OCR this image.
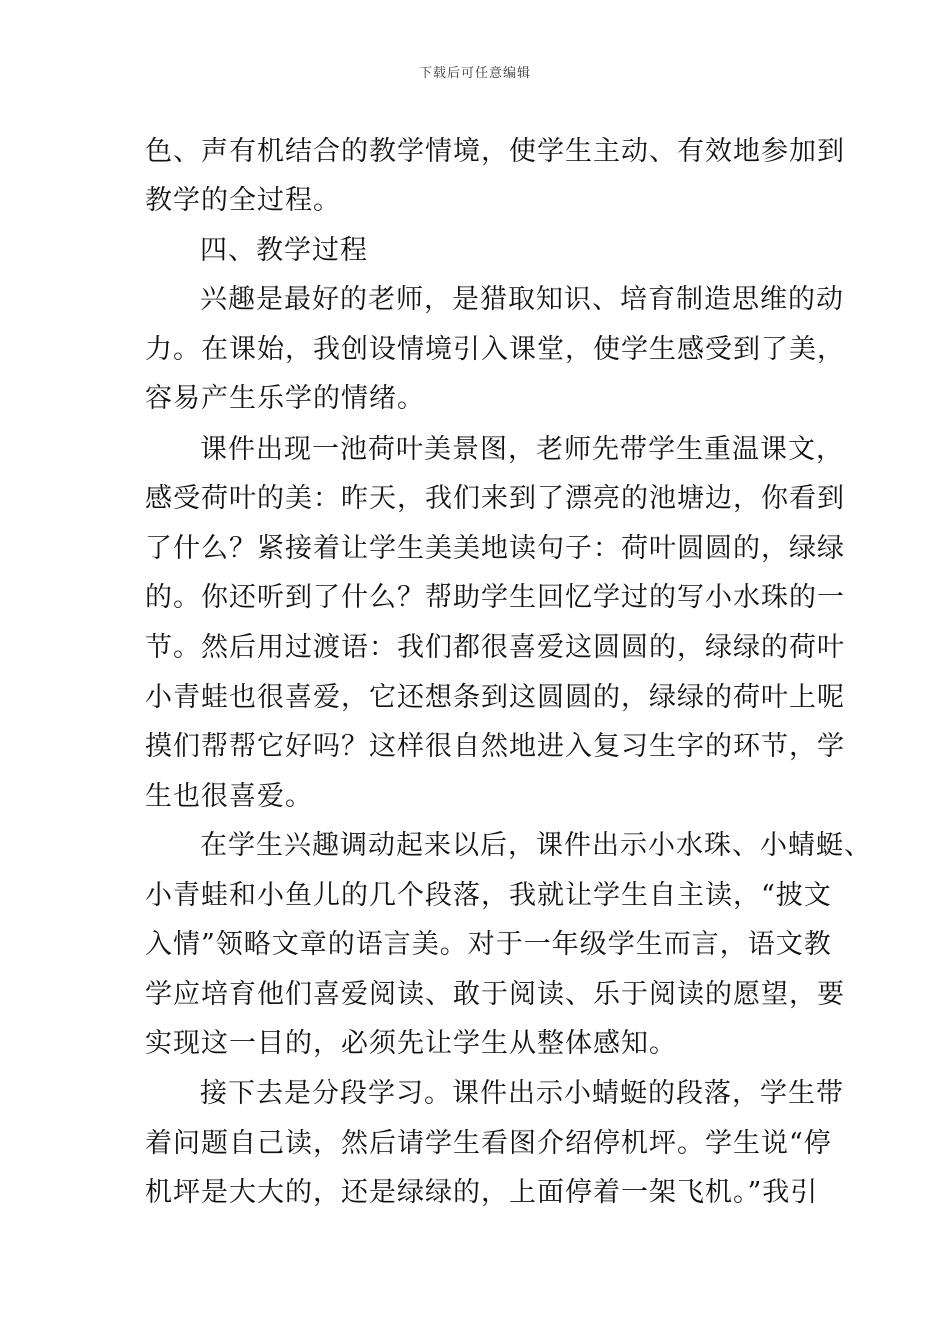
下载后可任意编辑
色、声有机结合的教学情境，使学生主动、有效地参加到
教学的全过程。
四、教学过程
兴趣是最好的老师，是猎取知识、培育制造思维的动
力。在课始，我创设情境引入课堂，使学生感受到了美，
容易产生乐学的情绪。
课件出现一池荷叶美景图，老师先带学生重温课文，
感受荷叶的美：昨天，我们来到了漂亮的池塘边，你看到
了什么？紧接着让学生美美地读句子：荷叶圆圆的，绿绿
的。你还听到了什么？帮助学生回忆学过的写小水珠的一
节。然后用过渡语：我们都很喜爱这圆圆的，绿绿的荷叶
小青蛙也很喜爱，它还想条到这圆圆的，绿绿的荷叶上呢
摸们帮帮它好吗？这样很自然地进入复习生字的环节，学
生也很喜爱。
在学生兴趣调动起来以后，课件出示小水珠、小蜻蜓、
小青蛙和小鱼儿的几个段落，我就让学生自主读，“披文
入情”领略文章的语言美。对于一年级学生而言，语文教
学应培育他们喜爱阅读、敢于阅读、乐于阅读的愿望，要
实现这一目的，必须先让学生从整体感知。
接下去是分段学习。课件出示小蜻蜓的段落，学生带
着问题自己读，然后请学生看图介绍停机坪。学生说“停
机坪是大大的，还是绿绿的，上面停着一架飞机。”我引
